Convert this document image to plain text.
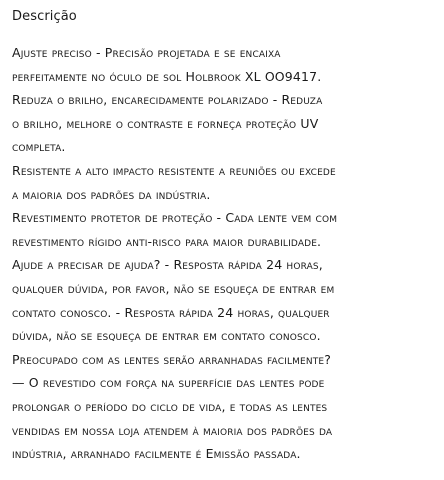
Descrição
Ajuste preciso - Precisão projetada e se encaixa
perfeitamente no óculo de sol Holbrook XL OO9417.
Reduza o brilho, encarecidamente polarizado - Reduza
o brilho, melhore o contraste e forneça proteção UV
completa.
Resistente a alto impacto resistente a reuniões ou excede
a maioria dos padrões da indústria.
Revestimento protetor de proteção - Cada lente vem com
revestimento rígido anti-risco para maior durabilidade.
Ajude a precisar de ajuda? - Resposta rápida 24 horas,
qualquer dúvida, por favor, não se esqueça de entrar em
contato conosco. - Resposta rápida 24 horas, qualquer
dúvida, não se esqueça de entrar em contato conosco.
Preocupado com as lentes serão arranhadas facilmente?
— O revestido com força na superfície das lentes pode
prolongar o período do ciclo de vida, e todas as lentes
vendidas em nossa loja atendem à maioria dos padrões da
indústria, arranhado facilmente é Emissão passada.
